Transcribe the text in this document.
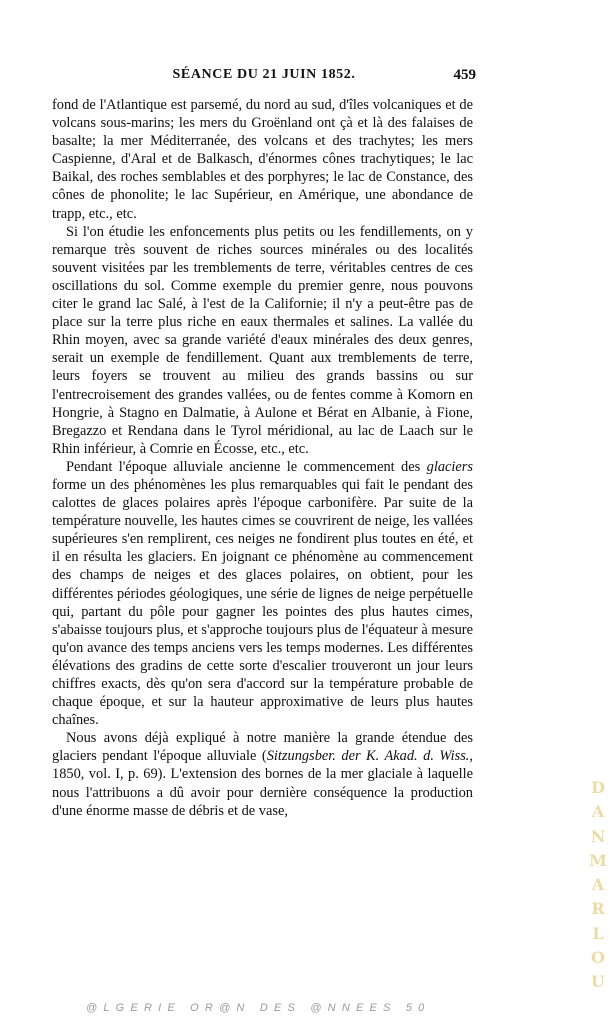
SÉANCE DU 21 JUIN 1852.	459

fond de l'Atlantique est parsemé, du nord au sud, d'îles volcaniques et de volcans sous-marins; les mers du Groënland ont çà et là des falaises de basalte; la mer Méditerranée, des volcans et des trachytes; les mers Caspienne, d'Aral et de Balkasch, d'énormes cônes trachytiques; le lac Baikal, des roches semblables et des porphyres; le lac de Constance, des cônes de phonolite; le lac Supérieur, en Amérique, une abondance de trapp, etc., etc.

Si l'on étudie les enfoncements plus petits ou les fendillements, on y remarque très souvent de riches sources minérales ou des localités souvent visitées par les tremblements de terre, véritables centres de ces oscillations du sol. Comme exemple du premier genre, nous pouvons citer le grand lac Salé, à l'est de la Californie; il n'y a peut-être pas de place sur la terre plus riche en eaux thermales et salines. La vallée du Rhin moyen, avec sa grande variété d'eaux minérales des deux genres, serait un exemple de fendillement. Quant aux tremblements de terre, leurs foyers se trouvent au milieu des grands bassins ou sur l'entrecroisement des grandes vallées, ou de fentes comme à Komorn en Hongrie, à Stagno en Dalmatie, à Aulone et Bérat en Albanie, à Fione, Bregazzo et Rendana dans le Tyrol méridional, au lac de Laach sur le Rhin inférieur, à Comrie en Écosse, etc., etc.

Pendant l'époque alluviale ancienne le commencement des glaciers forme un des phénomènes les plus remarquables qui fait le pendant des calottes de glaces polaires après l'époque carbonifère. Par suite de la température nouvelle, les hautes cimes se couvrirent de neige, les vallées supérieures s'en remplirent, ces neiges ne fondirent plus toutes en été, et il en résulta les glaciers. En joignant ce phénomène au commencement des champs de neiges et des glaces polaires, on obtient, pour les différentes périodes géologiques, une série de lignes de neige perpétuelle qui, partant du pôle pour gagner les pointes des plus hautes cimes, s'abaisse toujours plus, et s'approche toujours plus de l'équateur à mesure qu'on avance des temps anciens vers les temps modernes. Les différentes élévations des gradins de cette sorte d'escalier trouveront un jour leurs chiffres exacts, dès qu'on sera d'accord sur la température probable de chaque époque, et sur la hauteur approximative de leurs plus hautes chaînes.

Nous avons déjà expliqué à notre manière la grande étendue des glaciers pendant l'époque alluviale (Sitzungsber. der K. Akad. d. Wiss., 1850, vol. I, p. 69). L'extension des bornes de la mer glaciale à laquelle nous l'attribuons a dû avoir pour dernière conséquence la production d'une énorme masse de débris et de vase,

D
A
N
M
A
R
L
O
U
@LGERIE OR@N DES @NNEES 50
